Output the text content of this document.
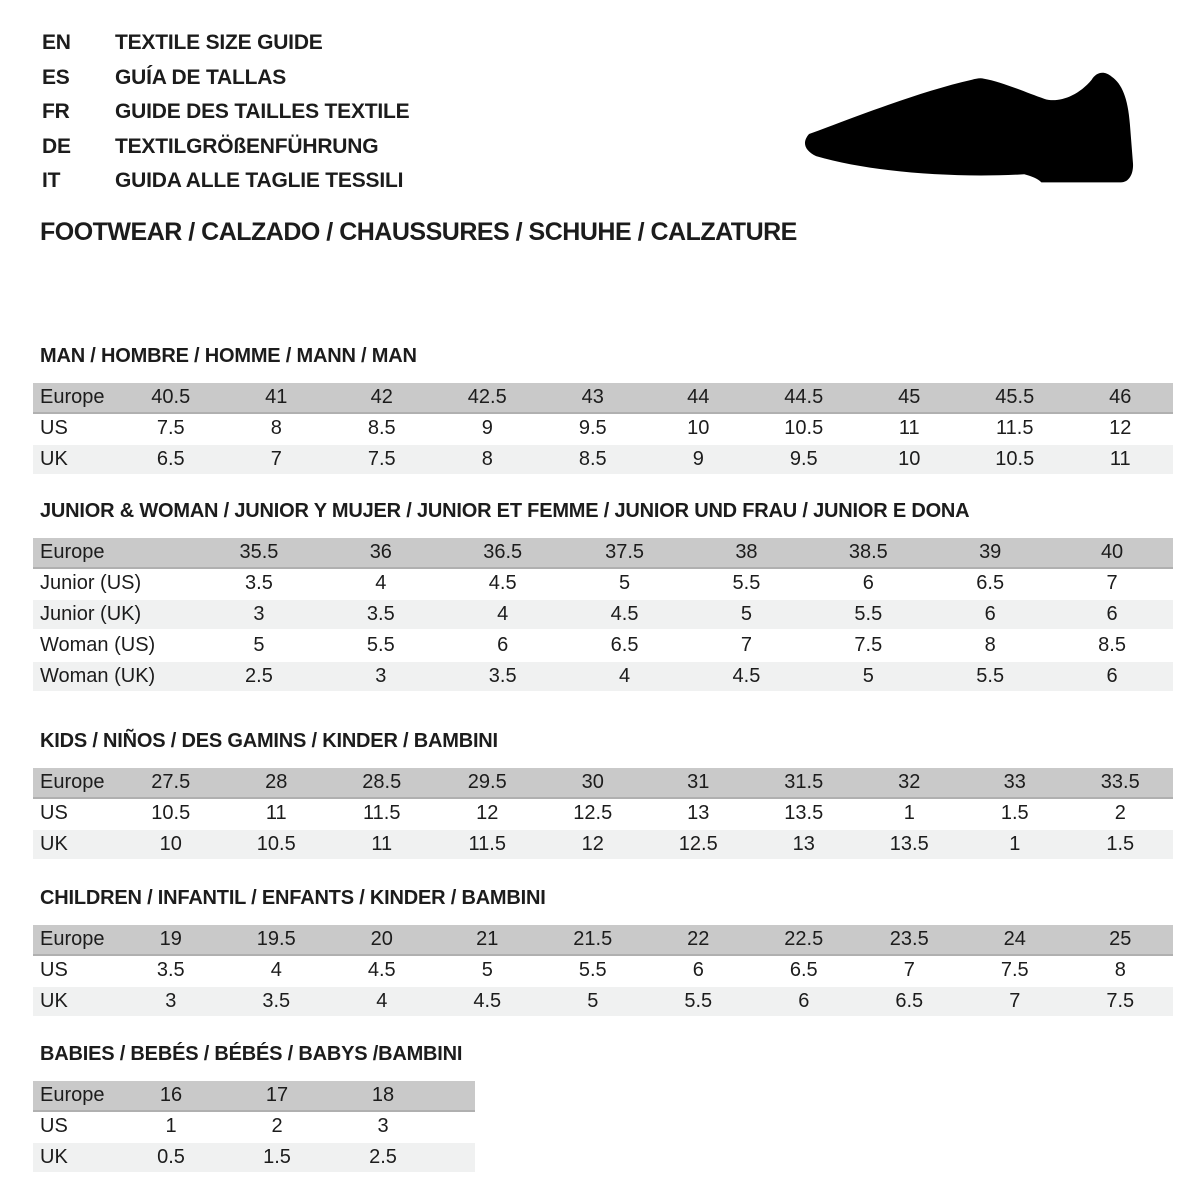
EN	TEXTILE SIZE GUIDE
ES	GUÍA DE TALLAS
FR	GUIDE DES TAILLES TEXTILE
DE	TEXTILGRÖßENFÜHRUNG
IT	GUIDA ALLE TAGLIE TESSILI
FOOTWEAR / CALZADO / CHAUSSURES / SCHUHE / CALZATURE
MAN / HOMBRE / HOMME / MANN / MAN
Europe	40.5	41	42	42.5	43	44	44.5	45	45.5	46
US	7.5	8	8.5	9	9.5	10	10.5	11	11.5	12
UK	6.5	7	7.5	8	8.5	9	9.5	10	10.5	11
JUNIOR & WOMAN / JUNIOR Y MUJER / JUNIOR ET FEMME / JUNIOR UND FRAU / JUNIOR E DONA
Europe	35.5	36	36.5	37.5	38	38.5	39	40
Junior (US)	3.5	4	4.5	5	5.5	6	6.5	7
Junior (UK)	3	3.5	4	4.5	5	5.5	6	6
Woman (US)	5	5.5	6	6.5	7	7.5	8	8.5
Woman (UK)	2.5	3	3.5	4	4.5	5	5.5	6
KIDS / NIÑOS / DES GAMINS / KINDER / BAMBINI
Europe	27.5	28	28.5	29.5	30	31	31.5	32	33	33.5
US	10.5	11	11.5	12	12.5	13	13.5	1	1.5	2
UK	10	10.5	11	11.5	12	12.5	13	13.5	1	1.5
CHILDREN / INFANTIL / ENFANTS / KINDER / BAMBINI
Europe	19	19.5	20	21	21.5	22	22.5	23.5	24	25
US	3.5	4	4.5	5	5.5	6	6.5	7	7.5	8
UK	3	3.5	4	4.5	5	5.5	6	6.5	7	7.5
BABIES / BEBÉS / BÉBÉS / BABYS /BAMBINI
Europe	16	17	18	
US	1	2	3	
UK	0.5	1.5	2.5	
